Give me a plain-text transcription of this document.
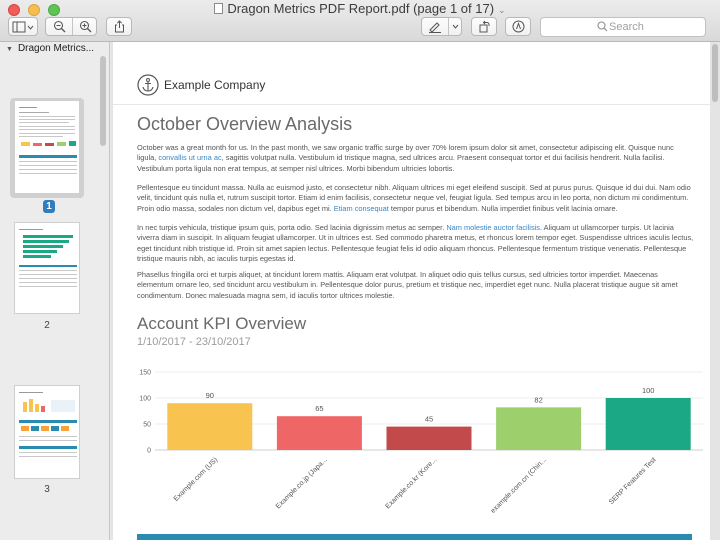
Dragon Metrics PDF Report.pdf (page 1 of 17) ⌄
Search
▼ Dragon Metrics...
1
2
3
Example Company
October Overview Analysis
October was a great month for us. In the past month, we saw organic traffic surge by over 70% lorem ipsum dolor sit amet, consectetur adipiscing elit. Quisque nunc ligula, convallis ut urna ac, sagittis volutpat nulla. Vestibulum id tristique magna, sed ultrices arcu. Praesent consequat tortor et dui facilisis hendrerit. Nulla facilisi. Vestibulum porta ligula non erat tempus, at semper nisl ultrices. Morbi bibendum ultricies lobortis.
Pellentesque eu tincidunt massa. Nulla ac euismod justo, et consectetur nibh. Aliquam ultrices mi eget eleifend suscipit. Sed at purus purus. Quisque id dui dui. Nam odio velit, tincidunt quis nulla et, rutrum suscipit tortor. Etiam id enim facilisis, consectetur neque vel, feugiat ligula. Sed tempus arcu in leo porta, non dictum mi condimentum. Proin odio massa, sodales non dictum vel, dapibus eget mi. Etiam consequat tempor purus et bibendum. Nulla imperdiet finibus velit lacinia ornare.
In nec turpis vehicula, tristique ipsum quis, porta odio. Sed lacinia dignissim metus ac semper. Nam molestie auctor facilisis. Aliquam ut ullamcorper turpis. Ut lacinia viverra diam in suscipit. In aliquam feugiat ullamcorper. Ut in ultrices est. Sed commodo pharetra metus, et rhoncus lorem tempor eget. Suspendisse ultrices iaculis lectus, eget tincidunt nibh tristique id. Proin sit amet sapien lectus. Pellentesque feugiat felis id odio aliquam rhoncus. Pellentesque fermentum tristique venenatis. Pellentesque tristique mauris nibh, ac iaculis turpis egestas id.
Phasellus fringilla orci et turpis aliquet, at tincidunt lorem mattis. Aliquam erat volutpat. In aliquet odio quis tellus cursus, sed ultricies tortor imperdiet. Maecenas elementum ornare leo, sed tincidunt arcu vestibulum in. Pellentesque dolor purus, pretium et tristique nec, imperdiet eget nunc. Nulla placerat tristique augue sit amet condimentum. Donec malesuada magna sem, id iaculis tortor ultrices molestie.
Account KPI Overview
1/10/2017 - 23/10/2017
0
50
100
150
90
Example.com (US)
65
Example.co.jp (Japa...
45
Example.co.kr (Kore...
82
example.com.cn (Chin...
100
SERP Features Test
